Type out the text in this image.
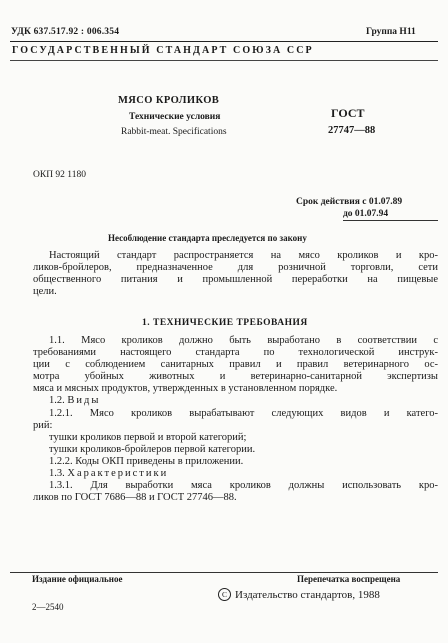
УДК 637.517.92 : 006.354	Группа Н11
ГОСУДАРСТВЕННЫЙ СТАНДАРТ СОЮЗА ССР
МЯСО КРОЛИКОВ
Технические условия
Rabbit-meat. Specifications
ГОСТ
27747—88
ОКП 92 1180
Срок действия с 01.07.89
до 01.07.94
Несоблюдение стандарта преследуется по закону

Настоящий стандарт распространяется на мясо кроликов и кро-

ликов-бройлеров, предназначенное для розничной торговли, сети

общественного питания и промышленной переработки на пищевые

цели.

1. ТЕХНИЧЕСКИЕ ТРЕБОВАНИЯ

1.1. Мясо кроликов должно быть выработано в соответствии с

требованиями настоящего стандарта по технологической инструк-

ции с соблюдением санитарных правил и правил ветеринарного ос-

мотра убойных животных и ветеринарно-санитарной экспертизы

мяса и мясных продуктов, утвержденных в установленном порядке.

1.2. Виды

1.2.1. Мясо кроликов вырабатывают следующих видов и катего-

рий:

тушки кроликов первой и второй категорий;

тушки кроликов-бройлеров первой категории.

1.2.2. Коды ОКП приведены в приложении.

1.3. Характеристики

1.3.1. Для выработки мяса кроликов должны использовать кро-

ликов по ГОСТ 7686—88 и ГОСТ 27746—88.

Издание официальное	Перепечатка воспрещена
C Издательство стандартов, 1988
2—2540
